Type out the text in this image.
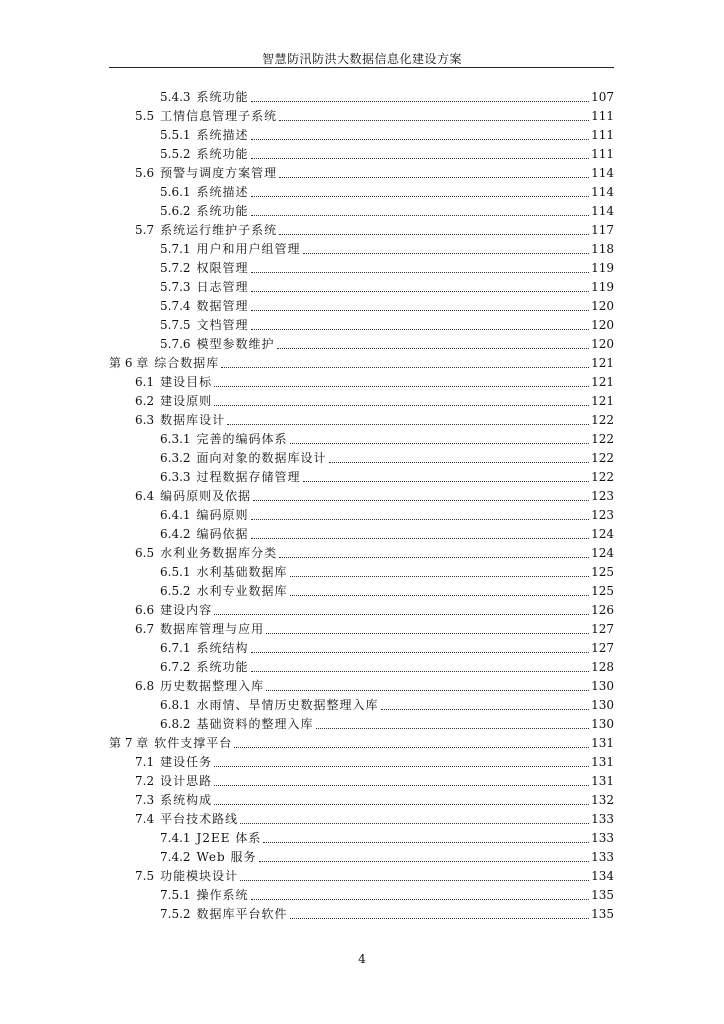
智慧防汛防洪大数据信息化建设方案
5.4.3 系统功能	107
5.5 工情信息管理子系统	111
5.5.1 系统描述	111
5.5.2 系统功能	111
5.6 预警与调度方案管理	114
5.6.1 系统描述	114
5.6.2 系统功能	114
5.7 系统运行维护子系统	117
5.7.1 用户和用户组管理	118
5.7.2 权限管理	119
5.7.3 日志管理	119
5.7.4 数据管理	120
5.7.5 文档管理	120
5.7.6 模型参数维护	120
第 6 章 综合数据库	121
6.1 建设目标	121
6.2 建设原则	121
6.3 数据库设计	122
6.3.1 完善的编码体系	122
6.3.2 面向对象的数据库设计	122
6.3.3 过程数据存储管理	122
6.4 编码原则及依据	123
6.4.1 编码原则	123
6.4.2 编码依据	124
6.5 水利业务数据库分类	124
6.5.1 水利基础数据库	125
6.5.2 水利专业数据库	125
6.6 建设内容	126
6.7 数据库管理与应用	127
6.7.1 系统结构	127
6.7.2 系统功能	128
6.8 历史数据整理入库	130
6.8.1 水雨情、旱情历史数据整理入库	130
6.8.2 基础资料的整理入库	130
第 7 章 软件支撑平台	131
7.1 建设任务	131
7.2 设计思路	131
7.3 系统构成	132
7.4 平台技术路线	133
7.4.1 J2EE 体系	133
7.4.2 Web 服务	133
7.5 功能模块设计	134
7.5.1 操作系统	135
7.5.2 数据库平台软件	135
4
